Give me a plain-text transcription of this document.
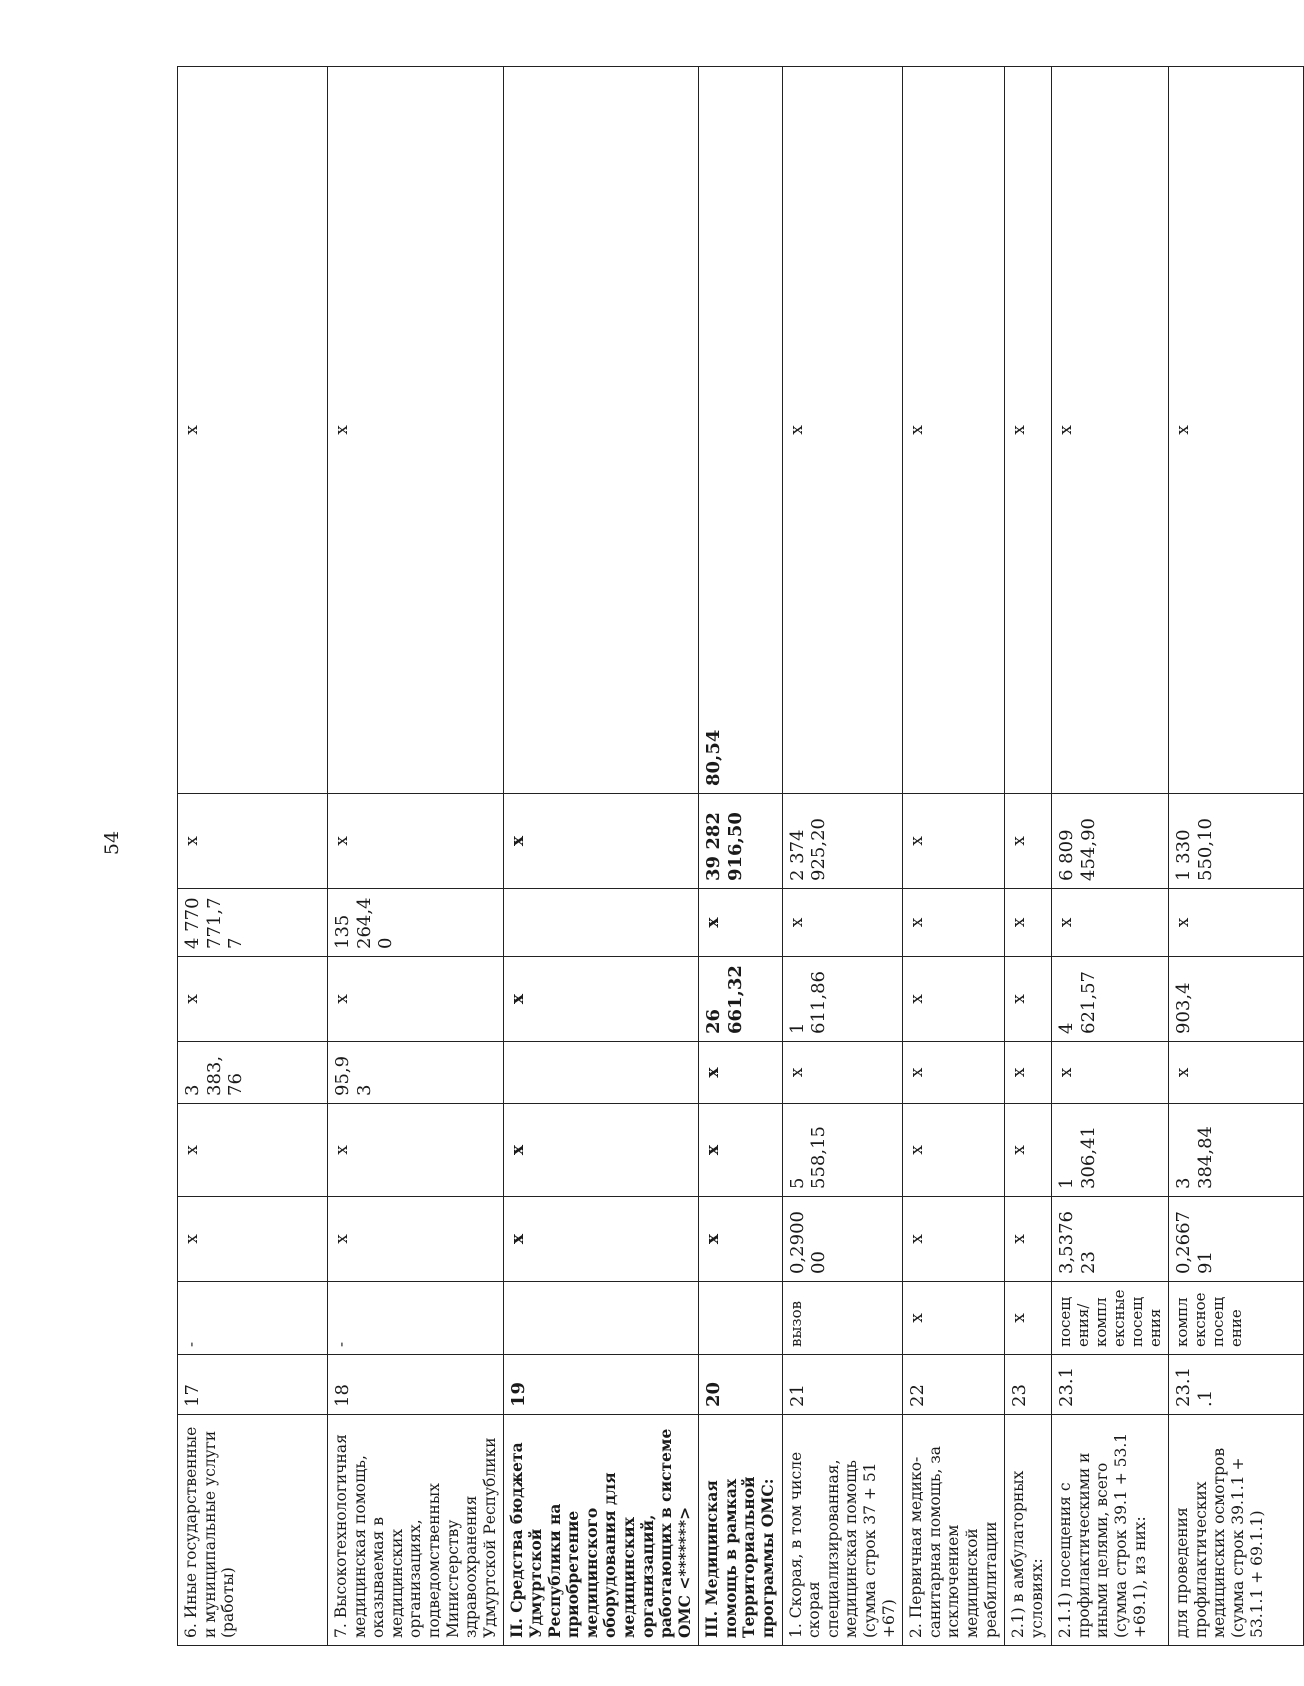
54
6. Иные государственные и муниципальные услуги (работы)	17	-	x	x	3 383,76	x	4 770 771,77	x	x
7. Высокотехнологичная медицинская помощь, оказываемая в медицинских организациях, подведомственных Министерству здравоохранения Удмуртской Республики	18	-	x	x	95,93	x	135 264,40	x	x
II. Средства бюджета Удмуртской Республики на приобретение медицинского оборудования для медицинских организаций, работающих в системе ОМС <*******>	19		x	x		x		x	
III. Медицинская помощь в рамках Территориальной программы ОМС:	20		x	x	x	26 661,32	x	39 282 916,50	80,54
1. Скорая, в том числе скорая специализированная, медицинская помощь (сумма строк 37 + 51 +67)	21	вызов	0,290000	5 558,15	x	1 611,86	x	2 374 925,20	x
2. Первичная медико-санитарная помощь, за исключением медицинской реабилитации	22	x	x	x	x	x	x	x	x
2.1) в амбулаторных условиях:	23	x	x	x	x	x	x	x	x
2.1.1) посещения с профилактическими и иными целями, всего (сумма строк 39.1 + 53.1 +69.1), из них:	23.1	посещения/комплексные посещения	3,537623	1 306,41	x	4 621,57	x	6 809 454,90	x
для проведения профилактических медицинских осмотров (сумма строк 39.1.1 + 53.1.1 + 69.1.1)	23.1.1	комплексное посещение	0,266791	3 384,84	x	903,4	x	1 330 550,10	x
